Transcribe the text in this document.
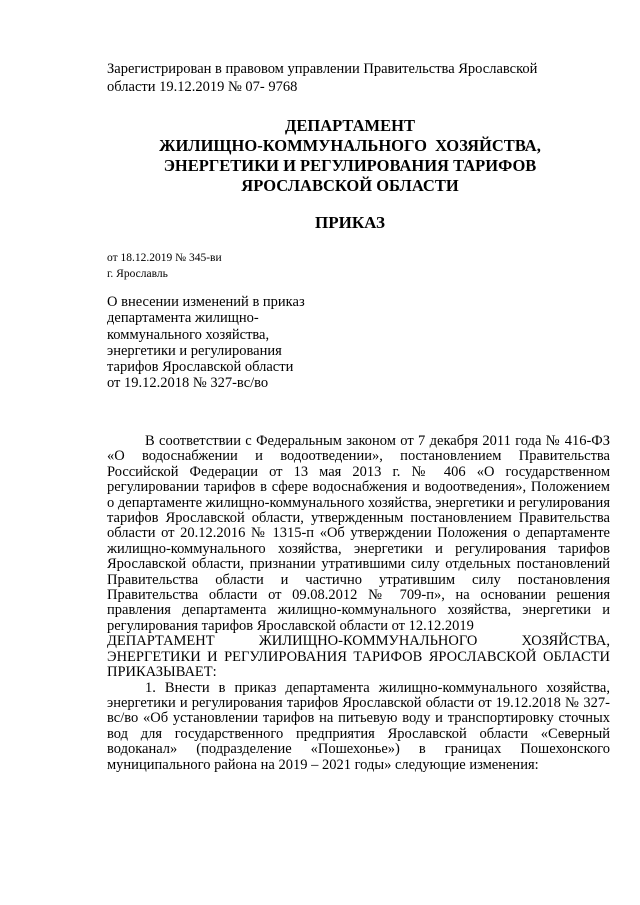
Зарегистрирован в правовом управлении Правительства Ярославской
области 19.12.2019 № 07- 9768
ДЕПАРТАМЕНТ
ЖИЛИЩНО-КОММУНАЛЬНОГО  ХОЗЯЙСТВА,
ЭНЕРГЕТИКИ И РЕГУЛИРОВАНИЯ ТАРИФОВ
ЯРОСЛАВСКОЙ ОБЛАСТИ
ПРИКАЗ
от 18.12.2019 № 345-ви
г. Ярославль
О внесении изменений в приказ
департамента жилищно-
коммунального хозяйства,
энергетики и регулирования
тарифов Ярославской области
от 19.12.2018 № 327-вс/во

В соответствии с Федеральным законом от 7 декабря 2011 года № 416-ФЗ «О водоснабжении и водоотведении», постановлением Правительства Российской Федерации от 13 мая 2013 г. № 406 «О государственном регулировании тарифов в сфере водоснабжения и водоотведения», Положением о департаменте жилищно-коммунального хозяйства, энергетики и регулирования тарифов Ярославской области, утвержденным постановлением Правительства области от 20.12.2016 № 1315-п «Об утверждении Положения о департаменте жилищно-коммунального хозяйства, энергетики и регулирования тарифов Ярославской области, признании утратившими силу отдельных постановлений Правительства области и частично утратившим силу постановления Правительства области от 09.08.2012 № 709-п», на основании решения правления департамента жилищно-коммунального хозяйства, энергетики и регулирования тарифов Ярославской области от 12.12.2019

ДЕПАРТАМЕНТ ЖИЛИЩНО-КОММУНАЛЬНОГО ХОЗЯЙСТВА, ЭНЕРГЕТИКИ И РЕГУЛИРОВАНИЯ ТАРИФОВ ЯРОСЛАВСКОЙ ОБЛАСТИ ПРИКАЗЫВАЕТ:

1. Внести в приказ департамента жилищно-коммунального хозяйства, энергетики и регулирования тарифов Ярославской области от 19.12.2018 № 327-вс/во «Об установлении тарифов на питьевую воду и транспортировку сточных вод для государственного предприятия Ярославской области «Северный водоканал» (подразделение «Пошехонье») в границах Пошехонского муниципального района на 2019 – 2021 годы» следующие изменения:
